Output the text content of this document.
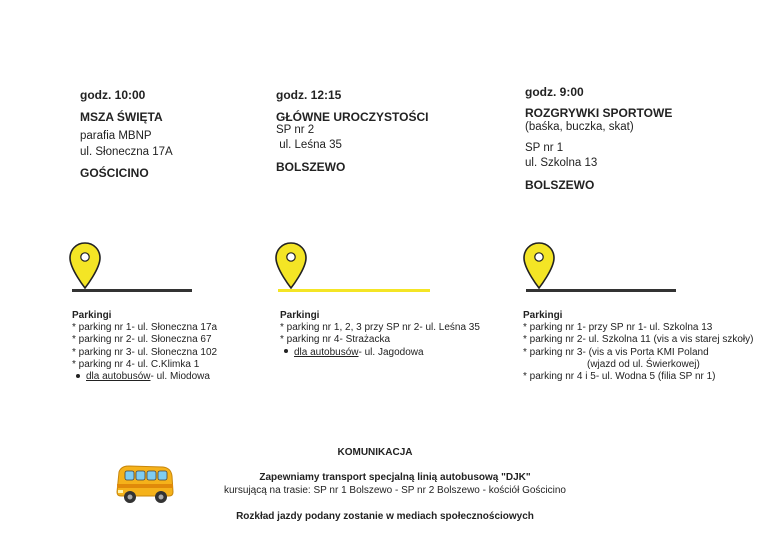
godz. 10:00
MSZA ŚWIĘTA
parafia MBNP
ul. Słoneczna 17A
GOŚCICINO
godz. 12:15
GŁÓWNE UROCZYSTOŚCI
SP nr 2
ul. Leśna 35
BOLSZEWO
godz. 9:00
ROZGRYWKI SPORTOWE
(baśka, buczka, skat)
SP nr 1
ul. Szkolna 13
BOLSZEWO
Parkingi
* parking nr 1- ul. Słoneczna 17a
* parking nr 2- ul. Słoneczna 67
* parking nr 3- ul. Słoneczna 102
* parking nr 4- ul. C.Klimka 1
dla autobusów- ul. Miodowa
Parkingi
* parking nr 1, 2, 3 przy SP nr 2- ul. Leśna 35
* parking nr 4- Strażacka
dla autobusów- ul. Jagodowa
Parkingi
* parking nr 1- przy SP nr 1- ul. Szkolna 13
* parking nr 2- ul. Szkolna 11 (vis a vis starej szkoły)
* parking nr 3- (vis a vis Porta KMI Poland
(wjazd od ul. Świerkowej)
* parking nr 4 i 5- ul. Wodna 5 (filia SP nr 1)
KOMUNIKACJA
Zapewniamy transport specjalną linią autobusową "DJK"
kursującą na trasie: SP nr 1 Bolszewo - SP nr 2 Bolszewo - kościół Gościcino
Rozkład jazdy podany zostanie w mediach społecznościowych
